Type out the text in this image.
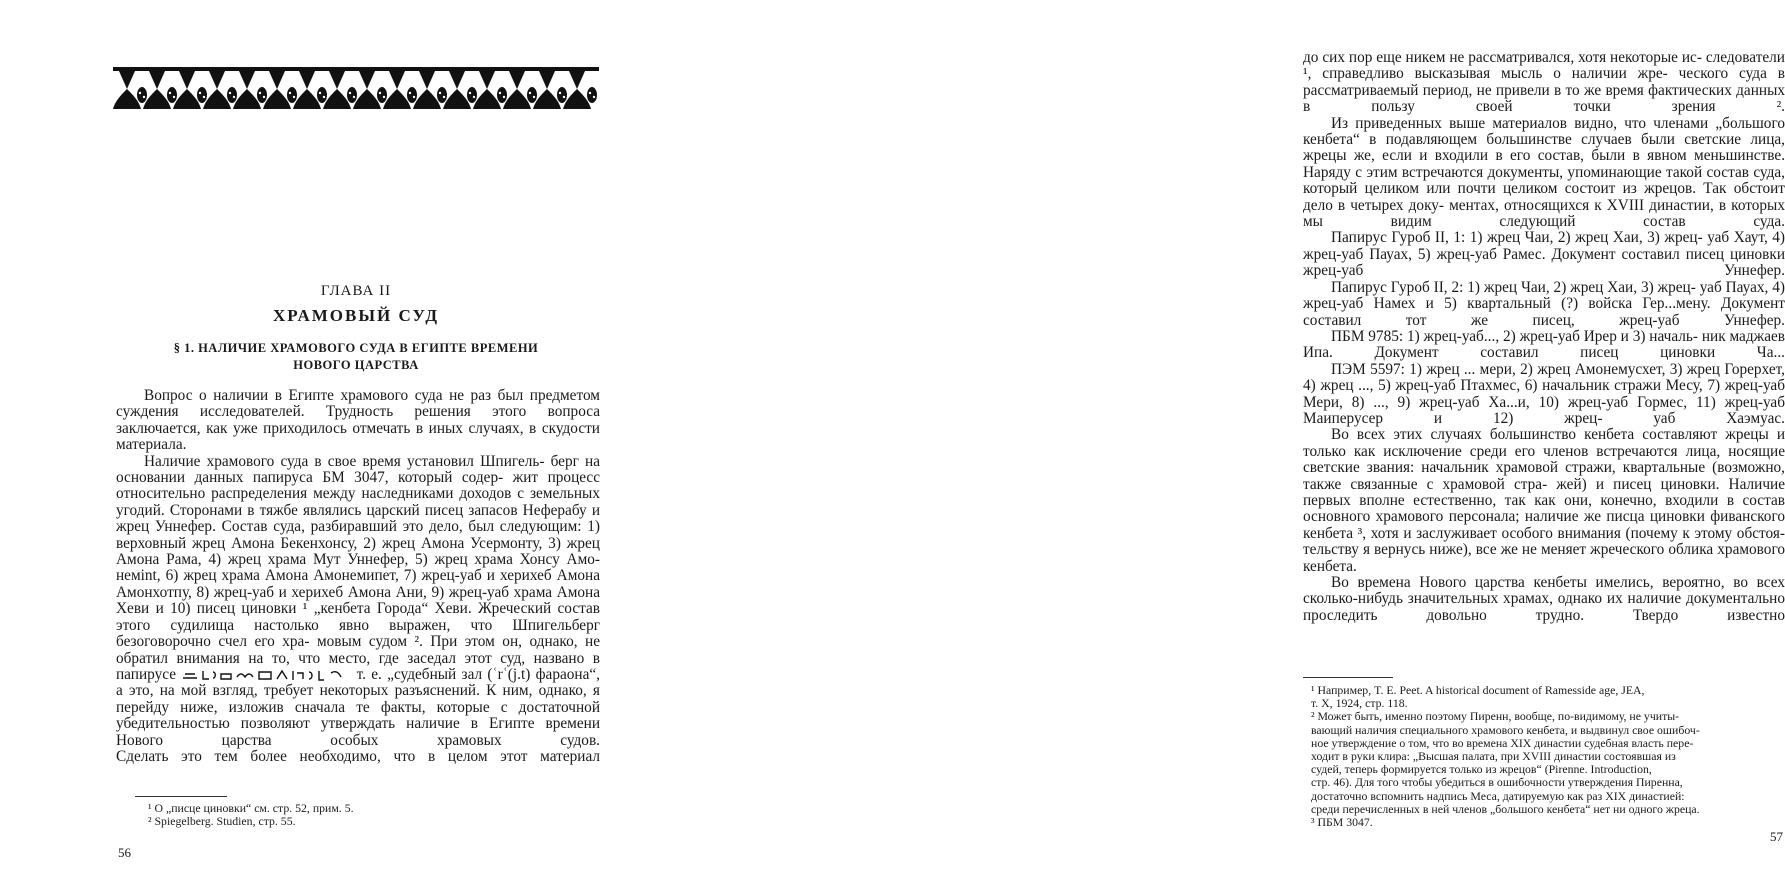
ГЛАВА II
ХРАМОВЫЙ СУД
§ 1. НАЛИЧИЕ ХРАМОВОГО СУДА В ЕГИПТЕ ВРЕМЕНИ
НОВОГО ЦАРСТВА
Вопрос о наличии в Египте храмового суда не раз был предметом суждения исследователей. Трудность решения этого вопроса заключается, как уже приходилось отмечать в иных случаях, в скудости материала.
Наличие храмового суда в свое время установил Шпигель- берг на основании данных папируса БМ 3047, который содер- жит процесс относительно распределения между наследниками доходов с земельных угодий. Сторонами в тяжбе являлись царский писец запасов Неферабу и жрец Уннефер. Состав суда, разбиравший это дело, был следующим: 1) верховный жрец Амона Бекенхонсу, 2) жрец Амона Усермонту, 3) жрец Амона Рама, 4) жрец храма Мут Уннефер, 5) жрец храма Хонсу Амо- немint, 6) жрец храма Амона Амонемипет, 7) жрец-уаб и херихеб Амона Амонхотпу, 8) жрец-уаб и херихеб Амона Ани, 9) жрец-уаб храма Амона Хеви и 10) писец циновки ¹ „кенбета Города“ Хеви. Жреческий состав этого судилища настолько явно выражен, что Шпигельберг безоговорочно счел его хра- мовым судом ². При этом он, однако, не обратил внимания на то, что место, где заседал этот суд, названо в папирусе	т. е. „судебный зал (ʿrʿ(j.t) фараона“, а это, на мой взгляд, требует некоторых разъяснений. К ним, однако, я перейду ниже, изложив сначала те факты, которые с достаточной убедительностью позволяют утверждать наличие в Египте времени Нового царства особых храмовых судов.
Сделать это тем более необходимо, что в целом этот материал
¹ О „писце циновки“ см. стр. 52, прим. 5.
² Spiegelberg. Studien, стр. 55.
56
до сих пор еще никем не рассматривался, хотя некоторые ис- следователи ¹, справедливо высказывая мысль о наличии жре- ческого суда в рассматриваемый период, не привели в то же время фактических данных в пользу своей точки зрения ².
Из приведенных выше материалов видно, что членами „большого кенбета“ в подавляющем большинстве случаев были светские лица, жрецы же, если и входили в его состав, были в явном меньшинстве. Наряду с этим встречаются документы, упоминающие такой состав суда, который целиком или почти целиком состоит из жрецов. Так обстоит дело в четырех доку- ментах, относящихся к XVIII династии, в которых мы видим	следующий состав суда.
Папирус Гуроб II, 1: 1) жрец Чаи, 2) жрец Хаи, 3) жрец- уаб Хаут, 4) жрец-уаб Пауах, 5) жрец-уаб Рамес. Документ составил писец циновки жрец-уаб Уннефер.
Папирус Гуроб II, 2: 1) жрец Чаи, 2) жрец Хаи, 3) жрец- уаб Пауах, 4) жрец-уаб Намех и 5) квартальный (?) войска Гер...мену. Документ составил тот же писец, жрец-уаб Уннефер.
ПБМ 9785: 1) жрец-уаб..., 2) жрец-уаб Ирер и 3) началь- ник маджаев Ипа. Документ составил писец циновки Ча...
ПЭМ 5597: 1) жрец ... мери, 2) жрец Амонемусхет, 3) жрец Горерхет, 4) жрец ..., 5) жрец-уаб Птахмес, 6) начальник стражи Месу, 7) жрец-уаб Мери, 8) ..., 9) жрец-уаб Ха...и, 10) жрец-уаб Гормес, 11) жрец-уаб Маиперусер и 12) жрец-	уаб Хаэмуас.
Во всех этих случаях большинство кенбета составляют жрецы и только как исключение среди его членов встречаются лица, носящие светские звания: начальник храмовой стражи, квартальные (возможно, также связанные с храмовой стра- жей) и писец циновки. Наличие первых вполне естественно, так как они, конечно, входили в состав основного храмового персонала; наличие же писца циновки фиванского кенбета ³, хотя и заслуживает особого внимания (почему к этому обстоя- тельству я вернусь ниже), все же не меняет жреческого облика храмового кенбета.
Во времена Нового царства кенбеты имелись, вероятно, во всех сколько-нибудь значительных храмах, однако их наличие документально проследить довольно трудно. Твердо известно
¹ Например, T. E. Peet. A historical document of Ramesside age, JEA,
т. X, 1924, стр. 118.
² Может быть, именно поэтому Пиренн, вообще, по-видимому, не учиты-
вающий наличия специального храмового кенбета, и выдвинул свое ошибоч-
ное утверждение о том, что во времена XIX династии судебная власть пере-
ходит в руки клира: „Высшая палата, при XVIII династии состоявшая из
судей, теперь формируется только из жрецов“ (Pirenne. Introduction,
стр. 46). Для того чтобы убедиться в ошибочности утверждения Пиренна,
достаточно вспомнить надпись Меса, датируемую как раз XIX династией:
среди перечисленных в ней членов „большого кенбета“ нет ни одного жреца.
³ ПБМ 3047.
57
